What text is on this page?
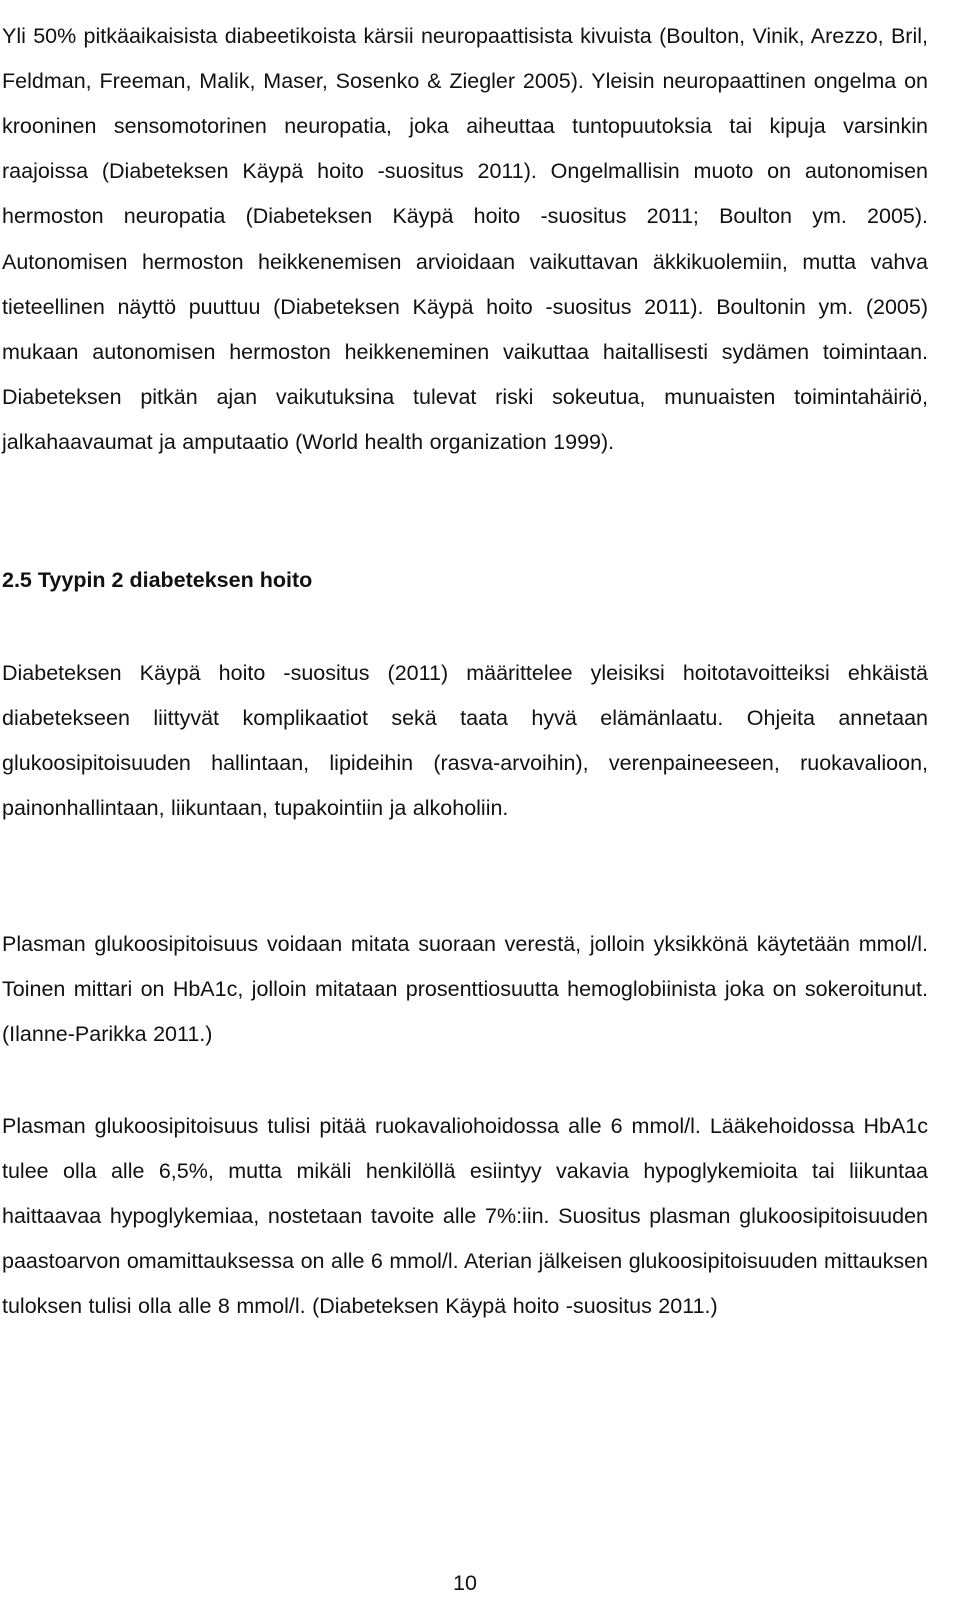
Yli 50% pitkäaikaisista diabeetikoista kärsii neuropaattisista kivuista (Boulton, Vinik, Arezzo, Bril, Feldman, Freeman, Malik, Maser, Sosenko & Ziegler 2005). Yleisin neuropaattinen ongelma on krooninen sensomotorinen neuropatia, joka aiheuttaa tuntopuutoksia tai kipuja varsinkin raajoissa (Diabeteksen Käypä hoito -suositus 2011). Ongelmallisin muoto on autonomisen hermoston neuropatia (Diabeteksen Käypä hoito -suositus 2011; Boulton ym. 2005). Autonomisen hermoston heikkenemisen arvioidaan vaikuttavan äkkikuolemiin, mutta vahva tieteellinen näyttö puuttuu (Diabeteksen Käypä hoito -suositus 2011). Boultonin ym. (2005) mukaan autonomisen hermoston heikkeneminen vaikuttaa haitallisesti sydämen toimintaan. Diabeteksen pitkän ajan vaikutuksina tulevat riski sokeutua, munuaisten toimintahäiriö, jalkahaavaumat ja amputaatio (World health organization 1999).

2.5 Tyypin 2 diabeteksen hoito

Diabeteksen Käypä hoito -suositus (2011) määrittelee yleisiksi hoitotavoitteiksi ehkäistä diabetekseen liittyvät komplikaatiot sekä taata hyvä elämänlaatu. Ohjeita annetaan glukoosipitoisuuden hallintaan, lipideihin (rasva-arvoihin), verenpaineeseen, ruokavalioon, painonhallintaan, liikuntaan, tupakointiin ja alkoholiin.

Plasman glukoosipitoisuus voidaan mitata suoraan verestä, jolloin yksikkönä käytetään mmol/l. Toinen mittari on HbA1c, jolloin mitataan prosenttiosuutta hemoglobiinista joka on sokeroitunut. (Ilanne-Parikka 2011.)

Plasman glukoosipitoisuus tulisi pitää ruokavaliohoidossa alle 6 mmol/l. Lääkehoidossa HbA1c tulee olla alle 6,5%, mutta mikäli henkilöllä esiintyy vakavia hypoglykemioita tai liikuntaa haittaavaa hypoglykemiaa, nostetaan tavoite alle 7%:iin. Suositus plasman glukoosipitoisuuden paastoarvon omamittauksessa on alle 6 mmol/l. Aterian jälkeisen glukoosipitoisuuden mittauksen tuloksen tulisi olla alle 8 mmol/l. (Diabeteksen Käypä hoito -suositus 2011.)

10
